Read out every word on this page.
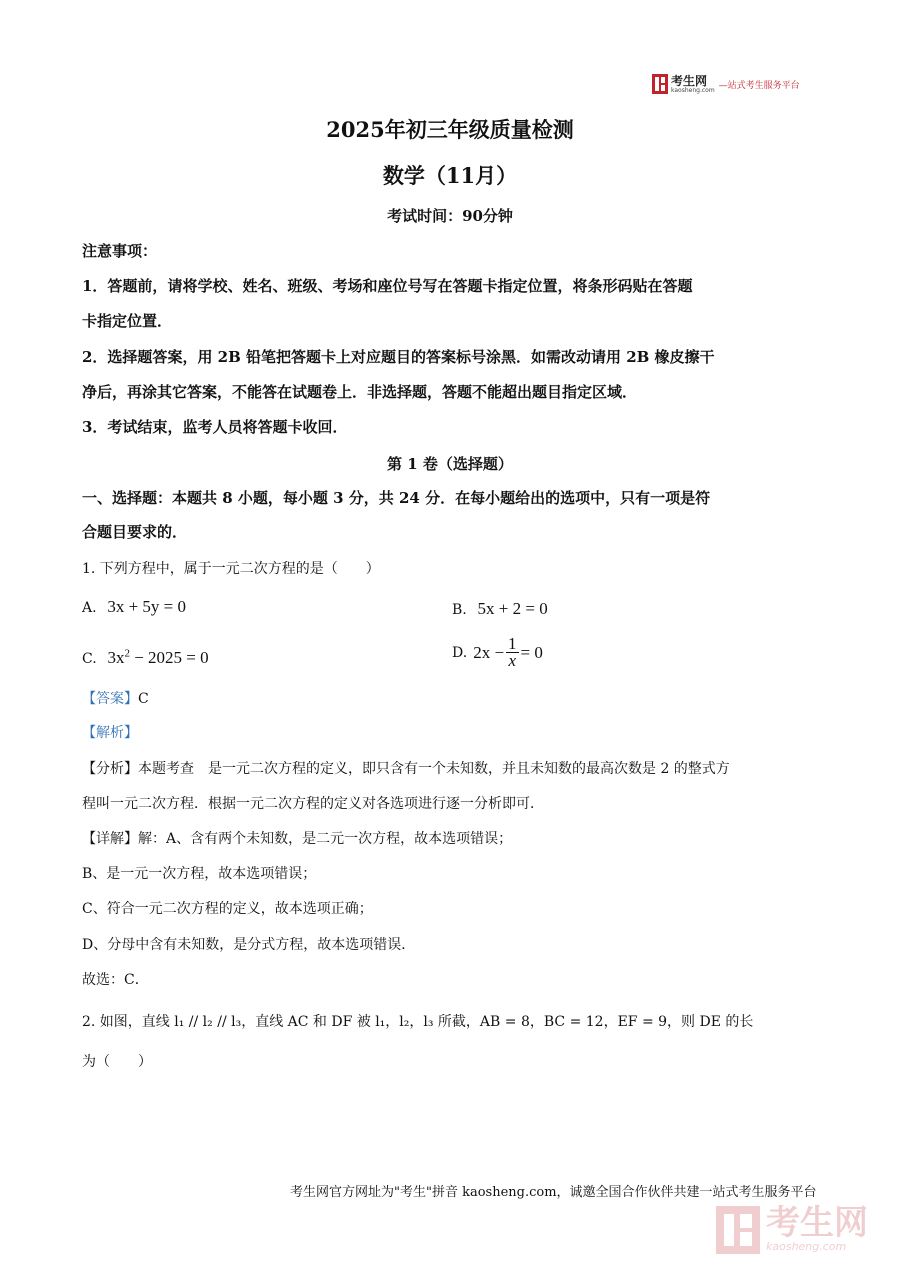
考生网
kaosheng.com —站式考生服务平台
2025年初三年级质量检测
数学（11月）
考试时间：90分钟
注意事项：
1．答题前，请将学校、姓名、班级、考场和座位号写在答题卡指定位置，将条形码贴在答题
卡指定位置．
2．选择题答案，用 2B 铅笔把答题卡上对应题目的答案标号涂黑．如需改动请用 2B 橡皮擦干
净后，再涂其它答案，不能答在试题卷上．非选择题，答题不能超出题目指定区域．
3．考试结束，监考人员将答题卡收回．
第 1 卷（选择题）
一、选择题：本题共 8 小题，每小题 3 分，共 24 分．在每小题给出的选项中，只有一项是符
合题目要求的．
1. 下列方程中，属于一元二次方程的是（　　）
A. 3x + 5y = 0	B. 5x + 2 = 0
C. $3x^2 - 2025 = 0$	D. $2x - \frac{1}{x} = 0$
【答案】C
【解析】
【分析】本题考查　是一元二次方程的定义，即只含有一个未知数，并且未知数的最高次数是 2 的整式方
程叫一元二次方程．根据一元二次方程的定义对各选项进行逐一分析即可．
【详解】解：A、含有两个未知数，是二元一次方程，故本选项错误；
B、是一元一次方程，故本选项错误；
C、符合一元二次方程的定义，故本选项正确；
D、分母中含有未知数，是分式方程，故本选项错误．
故选：C．
2. 如图，直线 l₁ // l₂ // l₃，直线 AC 和 DF 被 l₁，l₂，l₃ 所截，AB = 8，BC = 12，EF = 9，则 DE 的长
为（　　）
考生网官方网址为"考生"拼音 kaosheng.com，诚邀全国合作伙伴共建一站式考生服务平台
考生网
kaosheng.com
